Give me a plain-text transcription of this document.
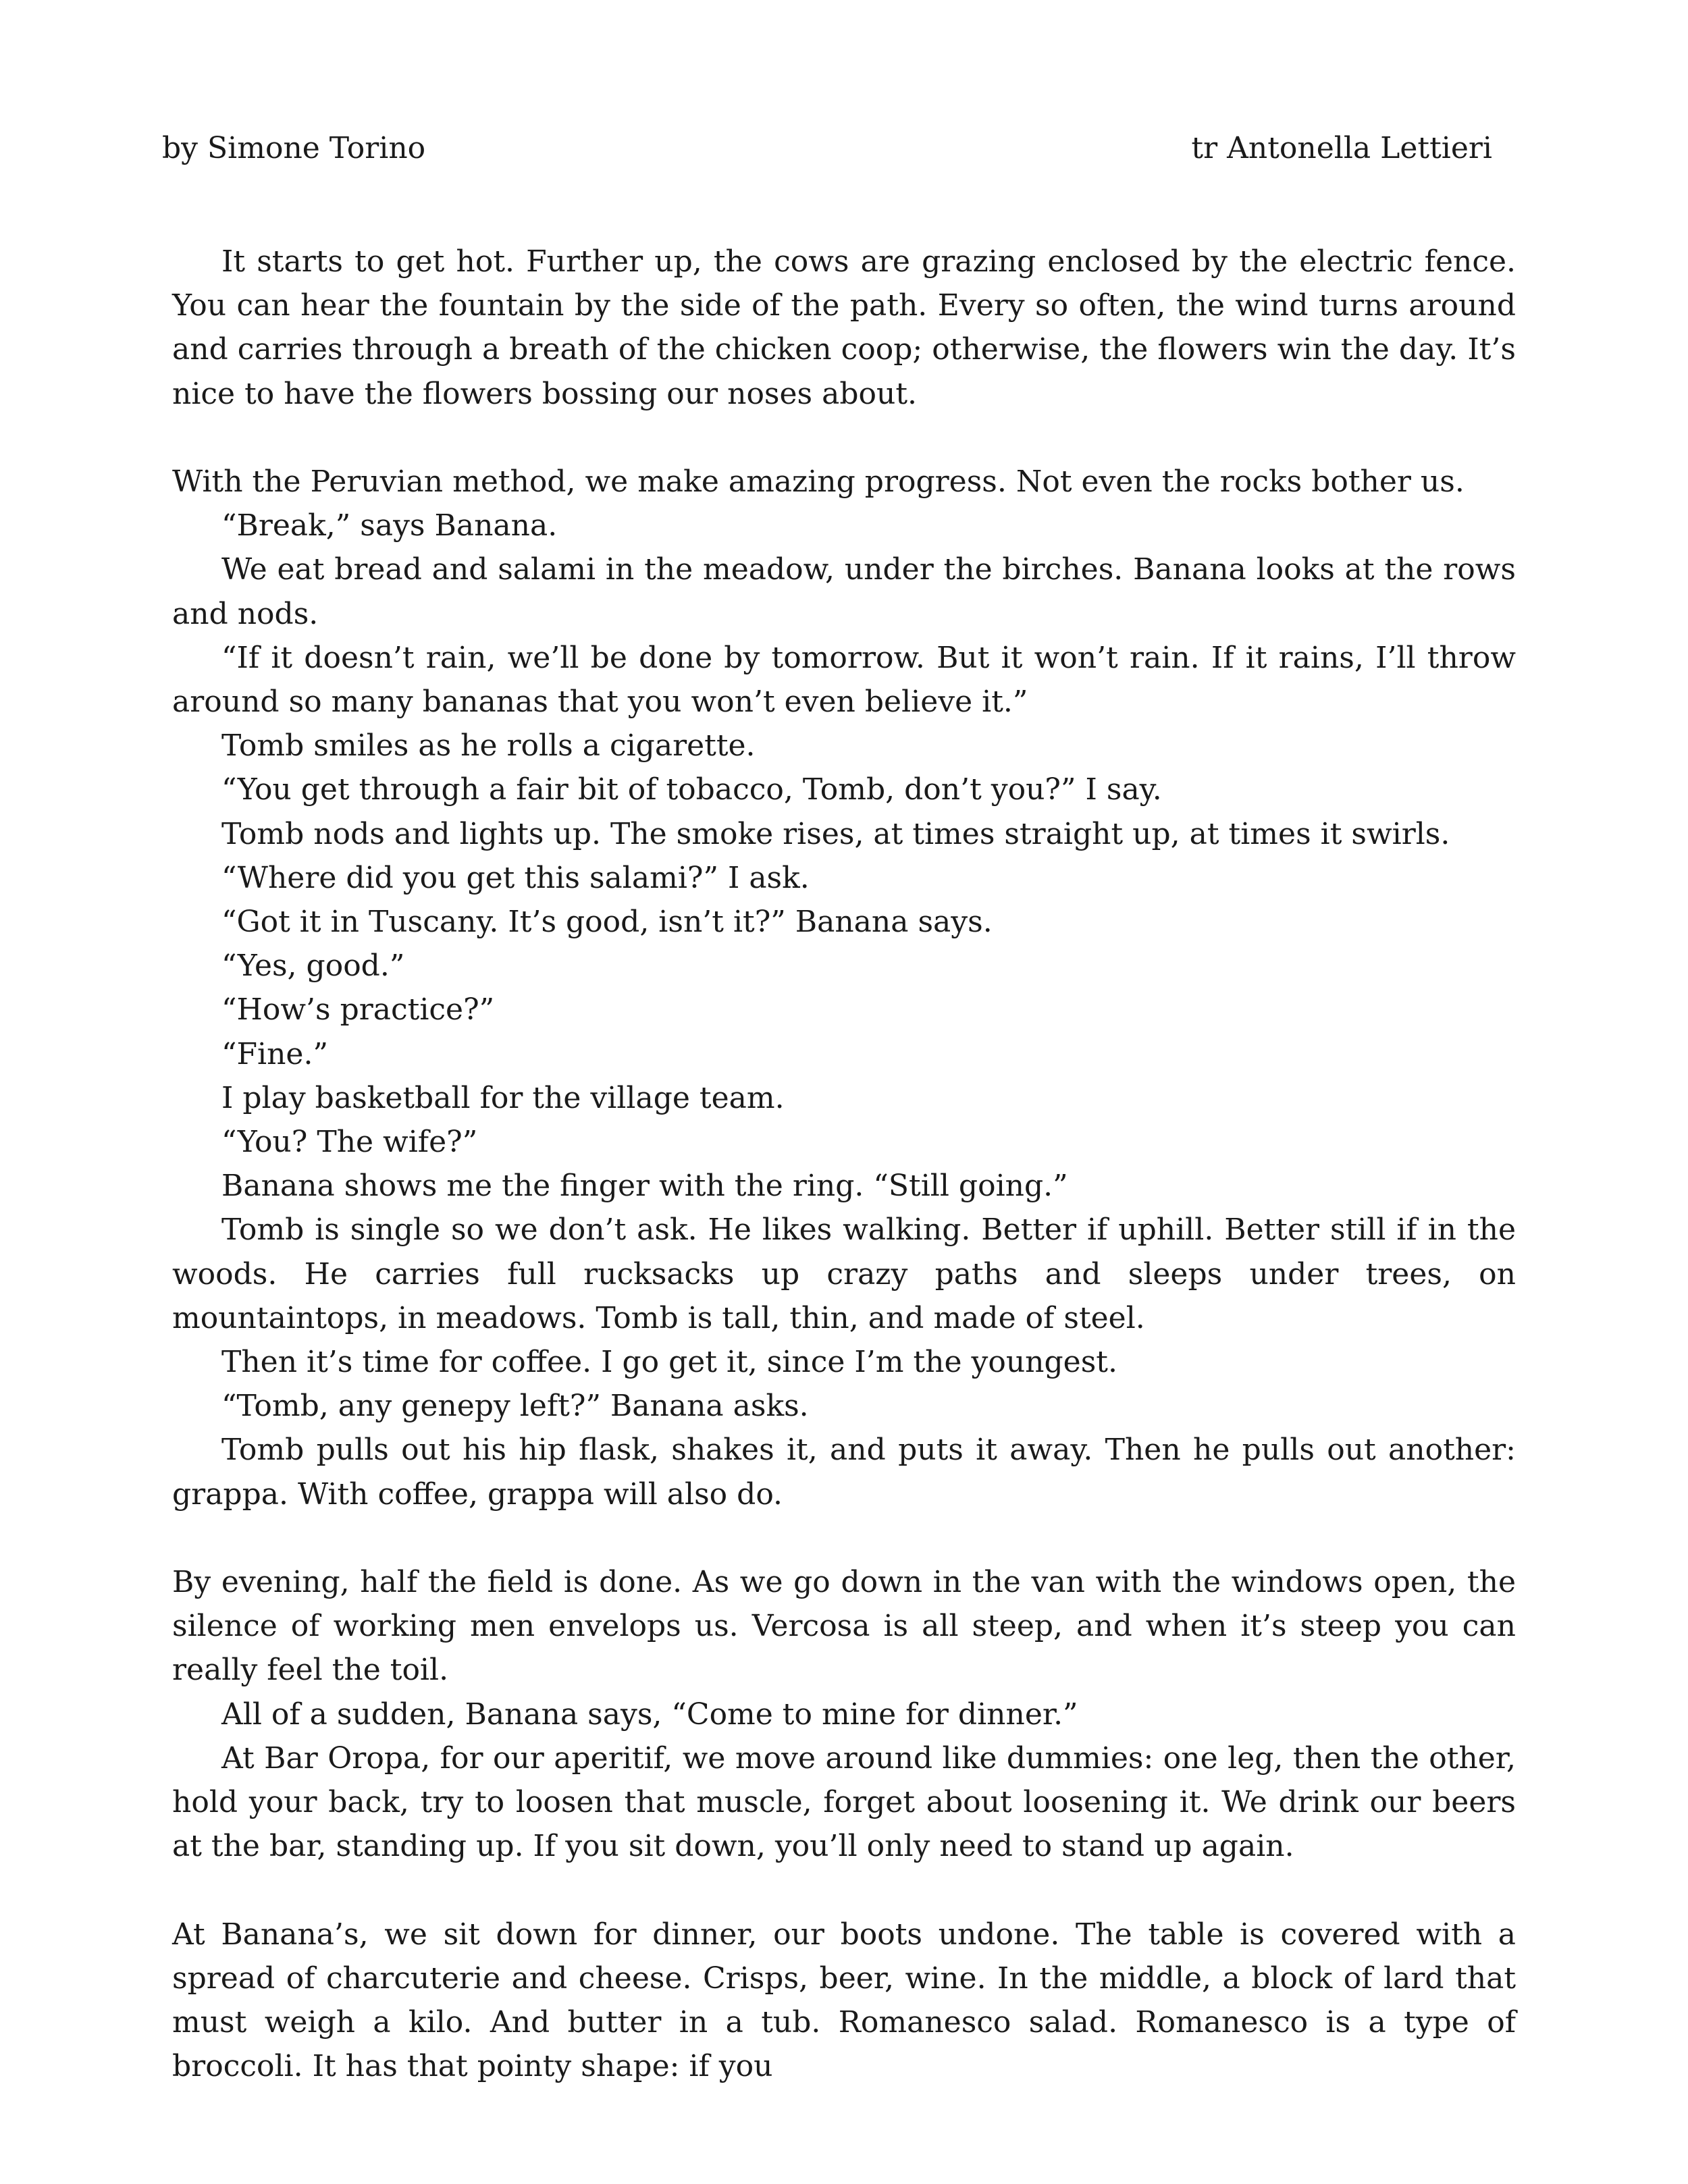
by Simone Torino	tr Antonella Lettieri

It starts to get hot. Further up, the cows are grazing enclosed by the electric fence. You can hear the fountain by the side of the path. Every so often, the wind turns around and carries through a breath of the chicken coop; otherwise, the flowers win the day. It’s nice to have the flowers bossing our noses about.

With the Peruvian method, we make amazing progress. Not even the rocks bother us.

“Break,” says Banana.

We eat bread and salami in the meadow, under the birches. Banana looks at the rows and nods.

“If it doesn’t rain, we’ll be done by tomorrow. But it won’t rain. If it rains, I’ll throw around so many bananas that you won’t even believe it.”

Tomb smiles as he rolls a cigarette.

“You get through a fair bit of tobacco, Tomb, don’t you?” I say.

Tomb nods and lights up. The smoke rises, at times straight up, at times it swirls.

“Where did you get this salami?” I ask.

“Got it in Tuscany. It’s good, isn’t it?” Banana says.

“Yes, good.”

“How’s practice?”

“Fine.”

I play basketball for the village team.

“You? The wife?”

Banana shows me the finger with the ring. “Still going.”

Tomb is single so we don’t ask. He likes walking. Better if uphill. Better still if in the woods. He carries full rucksacks up crazy paths and sleeps under trees, on mountaintops, in meadows. Tomb is tall, thin, and made of steel.

Then it’s time for coffee. I go get it, since I’m the youngest.

“Tomb, any genepy left?” Banana asks.

Tomb pulls out his hip flask, shakes it, and puts it away. Then he pulls out another: grappa. With coffee, grappa will also do.

By evening, half the field is done. As we go down in the van with the windows open, the silence of working men envelops us. Vercosa is all steep, and when it’s steep you can really feel the toil.

All of a sudden, Banana says, “Come to mine for dinner.”

At Bar Oropa, for our aperitif, we move around like dummies: one leg, then the other, hold your back, try to loosen that muscle, forget about loosening it. We drink our beers at the bar, standing up. If you sit down, you’ll only need to stand up again.

At Banana’s, we sit down for dinner, our boots undone. The table is covered with a spread of charcuterie and cheese. Crisps, beer, wine. In the middle, a block of lard that must weigh a kilo. And butter in a tub. Romanesco salad. Romanesco is a type of broccoli. It has that pointy shape: if you
